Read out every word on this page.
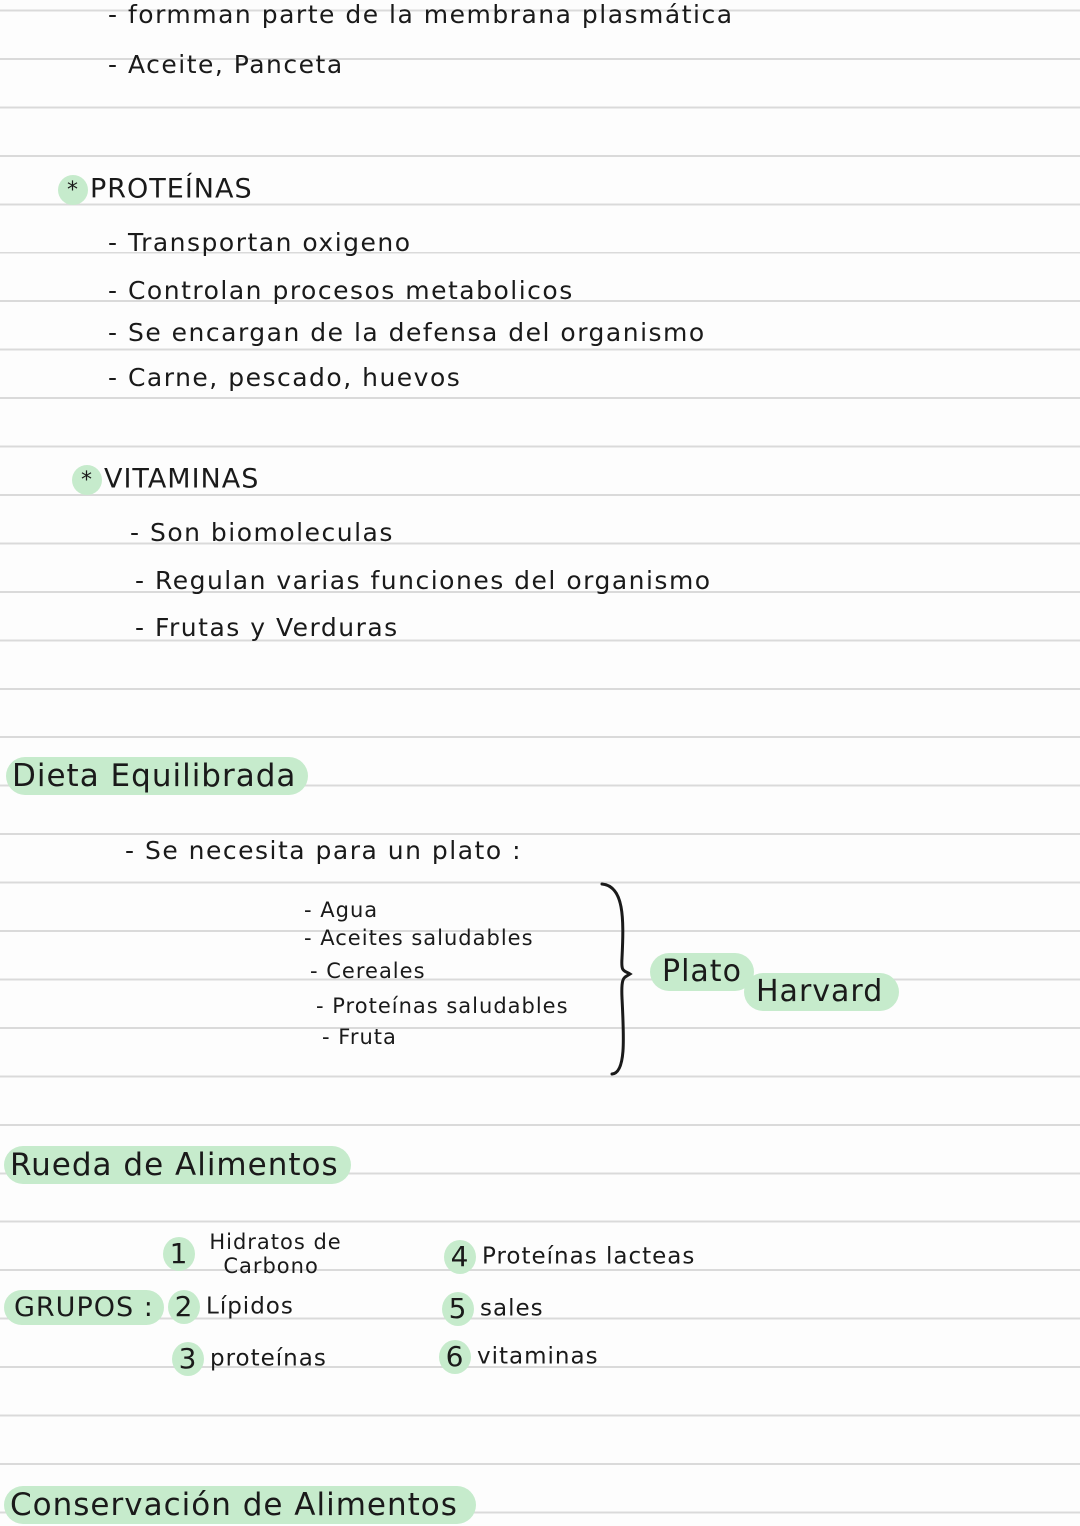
- formman parte de la membrana plasmática
- Aceite, Panceta
* PROTEÍNAS
- Transportan oxigeno
- Controlan procesos metabolicos
- Se encargan de la defensa del organismo
- Carne, pescado, huevos
* VITAMINAS
- Son biomoleculas
- Regulan varias funciones del organismo
- Frutas y Verduras
Dieta Equilibrada
- Se necesita para un plato :
- Agua
- Aceites saludables
- Cereales
- Proteínas saludables
- Fruta
Plato
Harvard
Rueda de Alimentos
GRUPOS :
1 Hidratos de
Carbono
2 Lípidos
3 proteínas
4 Proteínas lacteas
5 sales
6 vitaminas
Conservación de Alimentos
